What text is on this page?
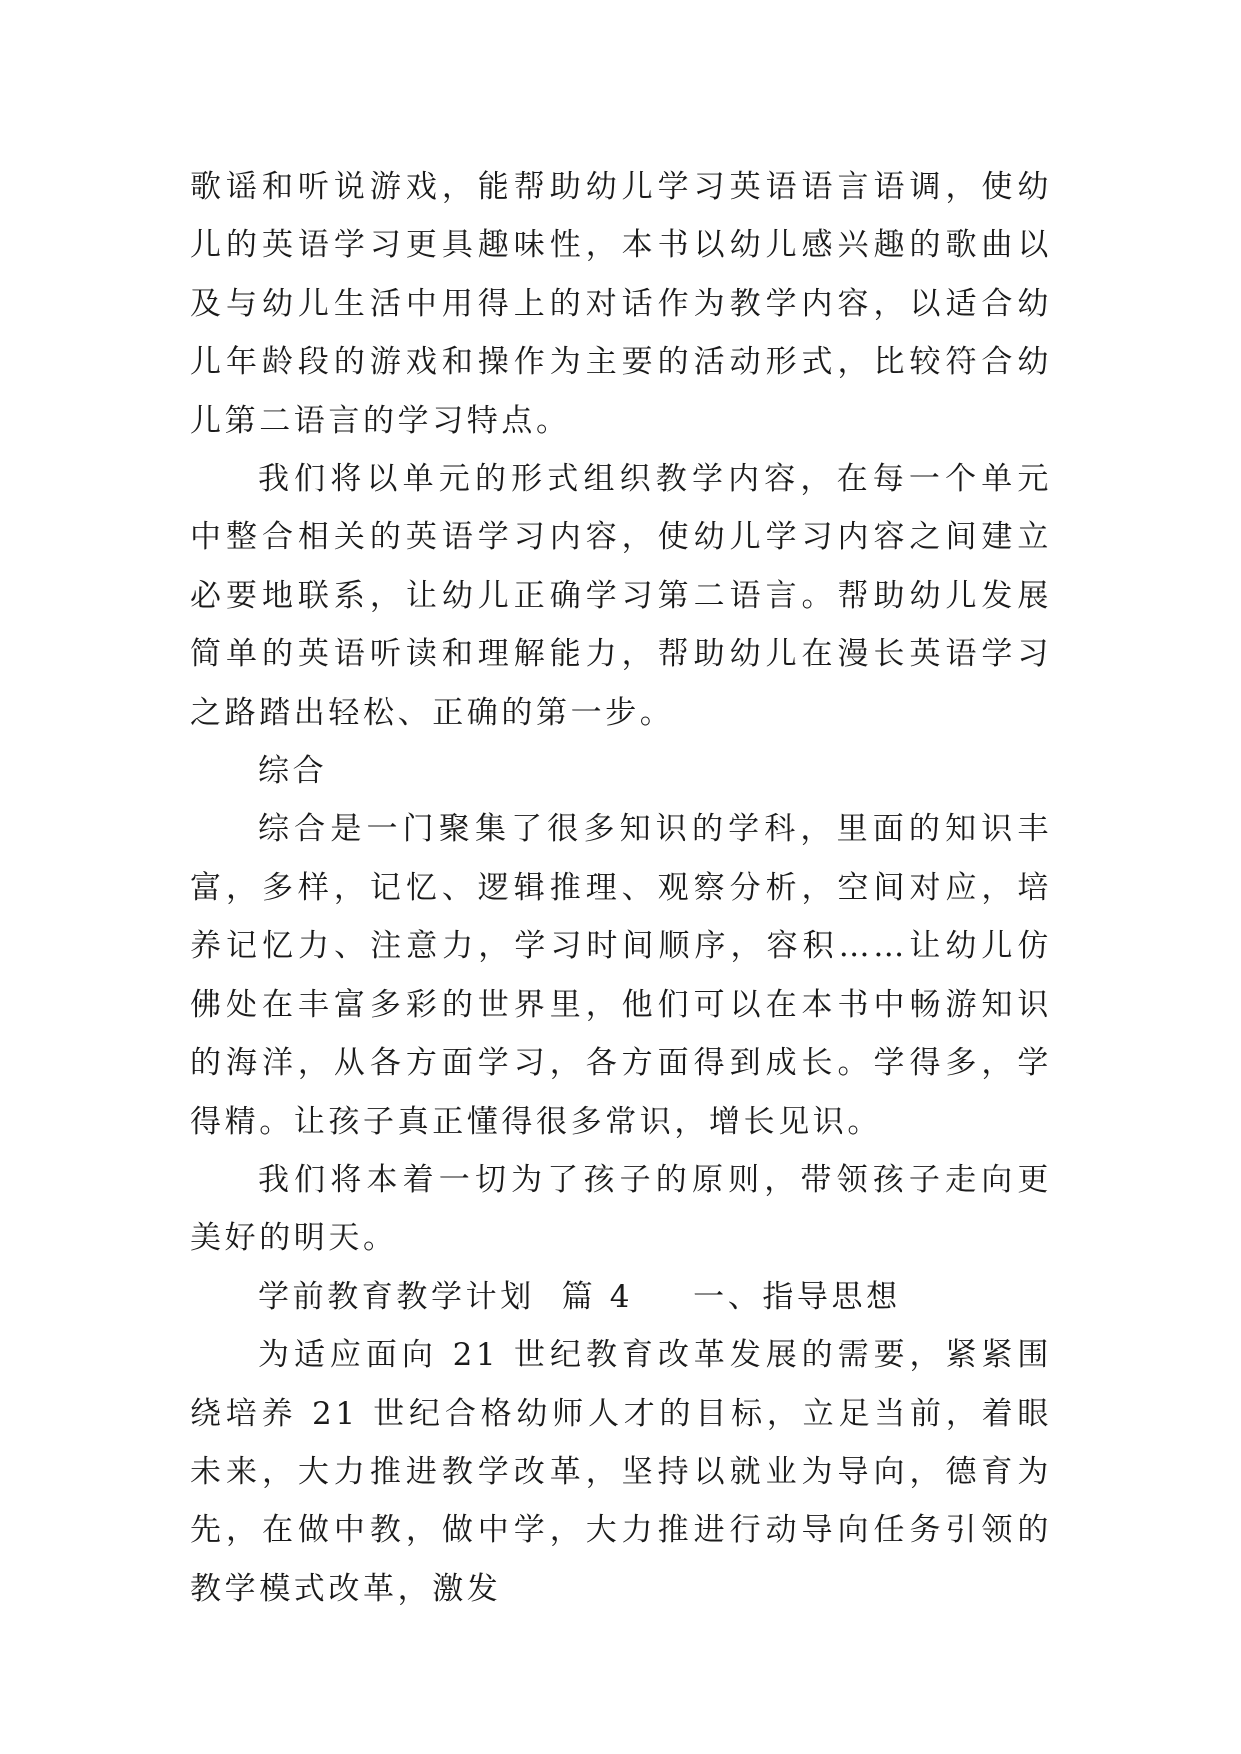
歌谣和听说游戏，能帮助幼儿学习英语语言语调，使幼儿的英语学习更具趣味性，本书以幼儿感兴趣的歌曲以及与幼儿生活中用得上的对话作为教学内容，以适合幼儿年龄段的游戏和操作为主要的活动形式，比较符合幼儿第二语言的学习特点。

我们将以单元的形式组织教学内容，在每一个单元中整合相关的英语学习内容，使幼儿学习内容之间建立必要地联系，让幼儿正确学习第二语言。帮助幼儿发展简单的英语听读和理解能力，帮助幼儿在漫长英语学习之路踏出轻松、正确的第一步。

综合

综合是一门聚集了很多知识的学科，里面的知识丰富，多样，记忆、逻辑推理、观察分析，空间对应，培养记忆力、注意力，学习时间顺序，容积……让幼儿仿佛处在丰富多彩的世界里，他们可以在本书中畅游知识的海洋，从各方面学习，各方面得到成长。学得多，学得精。让孩子真正懂得很多常识，增长见识。

我们将本着一切为了孩子的原则，带领孩子走向更美好的明天。

学前教育教学计划 篇 4 一、指导思想

为适应面向 21 世纪教育改革发展的需要，紧紧围绕培养 21 世纪合格幼师人才的目标，立足当前，着眼未来，大力推进教学改革，坚持以就业为导向，德育为先，在做中教，做中学，大力推进行动导向任务引领的教学模式改革，激发
